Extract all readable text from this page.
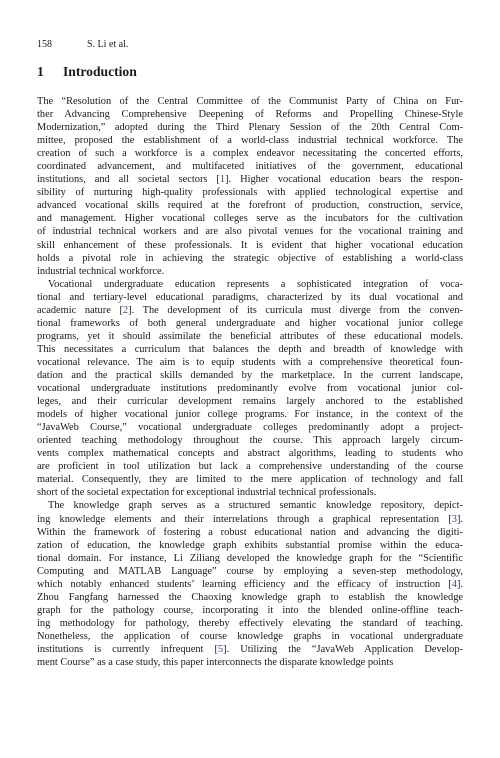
158	S. Li et al.
1 Introduction
The “Resolution of the Central Committee of the Communist Party of China on Fur-
ther Advancing Comprehensive Deepening of Reforms and Propelling Chinese-Style
Modernization,” adopted during the Third Plenary Session of the 20th Central Com-
mittee, proposed the establishment of a world-class industrial technical workforce. The
creation of such a workforce is a complex endeavor necessitating the concerted efforts,
coordinated advancement, and multifaceted initiatives of the government, educational
institutions, and all societal sectors [1]. Higher vocational education bears the respon-
sibility of nurturing high-quality professionals with applied technological expertise and
advanced vocational skills required at the forefront of production, construction, service,
and management. Higher vocational colleges serve as the incubators for the cultivation
of industrial technical workers and are also pivotal venues for the vocational training and
skill enhancement of these professionals. It is evident that higher vocational education
holds a pivotal role in achieving the strategic objective of establishing a world-class
industrial technical workforce.
Vocational undergraduate education represents a sophisticated integration of voca-
tional and tertiary-level educational paradigms, characterized by its dual vocational and
academic nature [2]. The development of its curricula must diverge from the conven-
tional frameworks of both general undergraduate and higher vocational junior college
programs, yet it should assimilate the beneficial attributes of these educational models.
This necessitates a curriculum that balances the depth and breadth of knowledge with
vocational relevance. The aim is to equip students with a comprehensive theoretical foun-
dation and the practical skills demanded by the marketplace. In the current landscape,
vocational undergraduate institutions predominantly evolve from vocational junior col-
leges, and their curricular development remains largely anchored to the established
models of higher vocational junior college programs. For instance, in the context of the
“JavaWeb Course,” vocational undergraduate colleges predominantly adopt a project-
oriented teaching methodology throughout the course. This approach largely circum-
vents complex mathematical concepts and abstract algorithms, leading to students who
are proficient in tool utilization but lack a comprehensive understanding of the course
material. Consequently, they are limited to the mere application of technology and fall
short of the societal expectation for exceptional industrial technical professionals.
The knowledge graph serves as a structured semantic knowledge repository, depict-
ing knowledge elements and their interrelations through a graphical representation [3].
Within the framework of fostering a robust educational nation and advancing the digiti-
zation of education, the knowledge graph exhibits substantial promise within the educa-
tional domain. For instance, Li Ziliang developed the knowledge graph for the “Scientific
Computing and MATLAB Language” course by employing a seven-step methodology,
which notably enhanced students’ learning efficiency and the efficacy of instruction [4].
Zhou Fangfang harnessed the Chaoxing knowledge graph to establish the knowledge
graph for the pathology course, incorporating it into the blended online-offline teach-
ing methodology for pathology, thereby effectively elevating the standard of teaching.
Nonetheless, the application of course knowledge graphs in vocational undergraduate
institutions is currently infrequent [5]. Utilizing the “JavaWeb Application Develop-
ment Course” as a case study, this paper interconnects the disparate knowledge points
